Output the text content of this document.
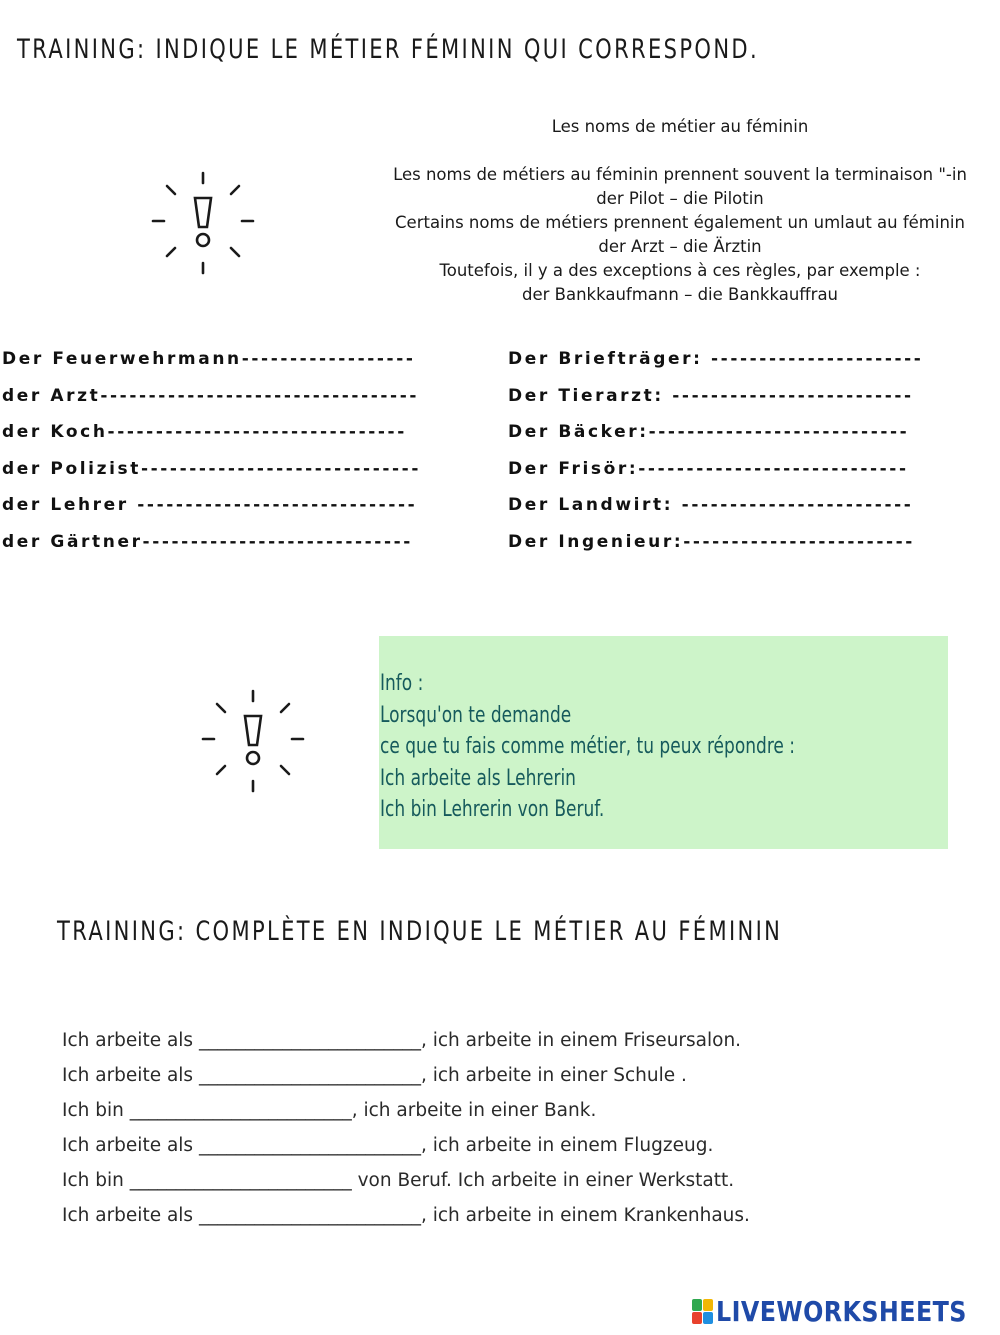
TRAINING: INDIQUE LE MÉTIER FÉMININ QUI CORRESPOND.
Les noms de métier au féminin
Les noms de métiers au féminin prennent souvent la terminaison "-in
der Pilot – die Pilotin
Certains noms de métiers prennent également un umlaut au féminin
der Arzt – die Ärztin
Toutefois, il y a des exceptions à ces règles, par exemple :
der Bankkaufmann – die Bankkauffrau
Der Feuerwehrmann------------------
der Arzt---------------------------------
der Koch-------------------------------
der Polizist-----------------------------
der Lehrer -----------------------------
der Gärtner----------------------------
Der Briefträger: ----------------------
Der Tierarzt: -------------------------
Der Bäcker:---------------------------
Der Frisör:----------------------------
Der Landwirt: ------------------------
Der Ingenieur:------------------------
Info :
Lorsqu'on te demande
ce que tu fais comme métier, tu peux répondre :
Ich arbeite als Lehrerin
Ich bin Lehrerin von Beruf.
TRAINING: COMPLÈTE EN INDIQUE LE MÉTIER AU FÉMININ
Ich arbeite als ________________________, ich arbeite in einem Friseursalon.
Ich arbeite als ________________________, ich arbeite in einer Schule .
Ich bin ________________________, ich arbeite in einer Bank.
Ich arbeite als ________________________, ich arbeite in einem Flugzeug.
Ich bin ________________________ von Beruf. Ich arbeite in einer Werkstatt.
Ich arbeite als ________________________, ich arbeite in einem Krankenhaus.
LIVEWORKSHEETS
